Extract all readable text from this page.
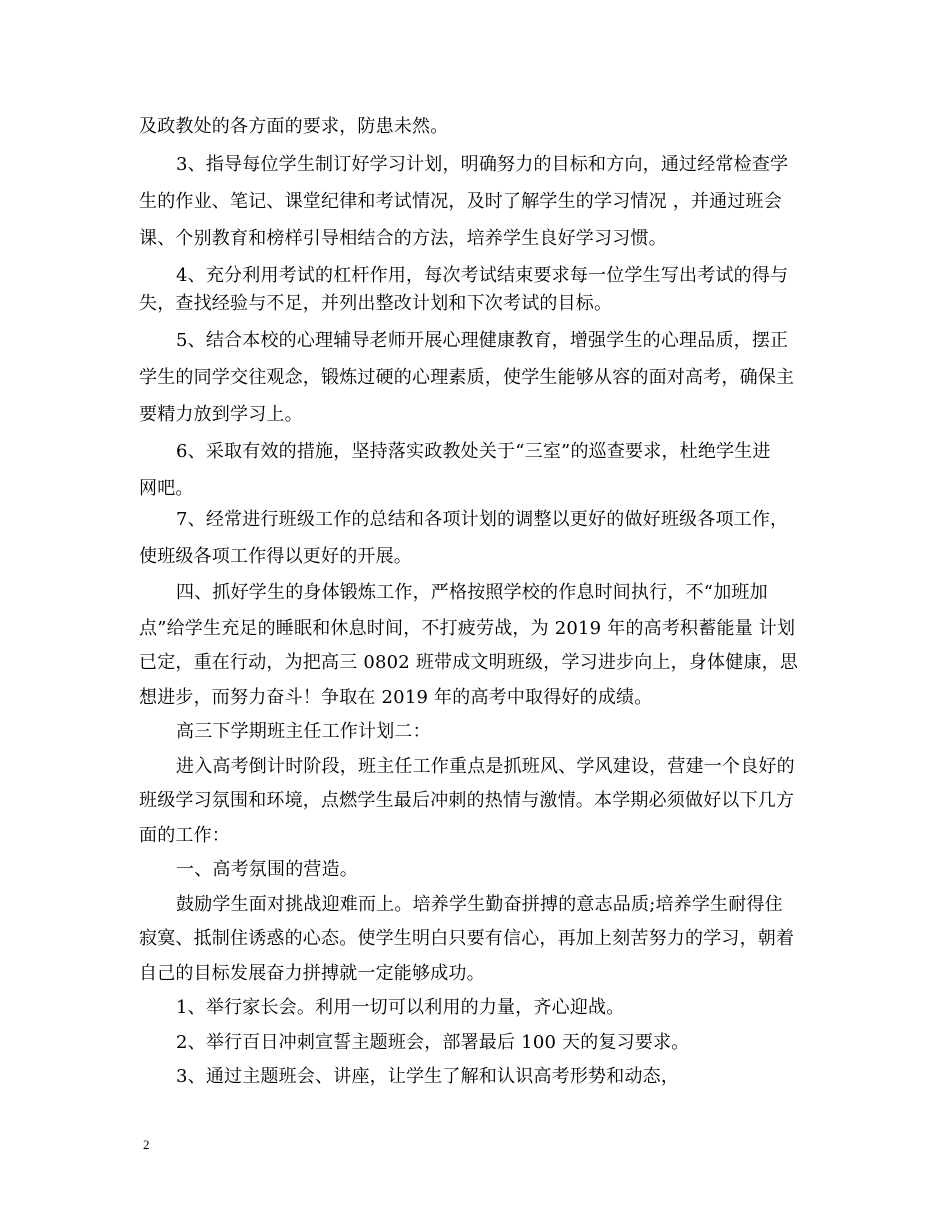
及政教处的各方面的要求，防患未然。
3、指导每位学生制订好学习计划，明确努力的目标和方向，通过经常检查学
生的作业、笔记、课堂纪律和考试情况，及时了解学生的学习情况 ，并通过班会
课、个别教育和榜样引导相结合的方法，培养学生良好学习习惯。
4、充分利用考试的杠杆作用，每次考试结束要求每一位学生写出考试的得与
失，查找经验与不足，并列出整改计划和下次考试的目标。
5、结合本校的心理辅导老师开展心理健康教育，增强学生的心理品质，摆正
学生的同学交往观念，锻炼过硬的心理素质，使学生能够从容的面对高考，确保主
要精力放到学习上。
6、采取有效的措施，坚持落实政教处关于“三室”的巡查要求，杜绝学生进
网吧。
7、经常进行班级工作的总结和各项计划的调整以更好的做好班级各项工作，
使班级各项工作得以更好的开展。
四、抓好学生的身体锻炼工作，严格按照学校的作息时间执行，不“加班加
点”给学生充足的睡眠和休息时间，不打疲劳战，为 2019 年的高考积蓄能量 计划
已定，重在行动，为把高三 0802 班带成文明班级，学习进步向上，身体健康，思
想进步，而努力奋斗！争取在 2019 年的高考中取得好的成绩。
高三下学期班主任工作计划二：
进入高考倒计时阶段，班主任工作重点是抓班风、学风建设，营建一个良好的
班级学习氛围和环境，点燃学生最后冲刺的热情与激情。本学期必须做好以下几方
面的工作：
一、高考氛围的营造。
鼓励学生面对挑战迎难而上。培养学生勤奋拼搏的意志品质;培养学生耐得住
寂寞、抵制住诱惑的心态。使学生明白只要有信心，再加上刻苦努力的学习，朝着
自己的目标发展奋力拼搏就一定能够成功。
1、举行家长会。利用一切可以利用的力量，齐心迎战。
2、举行百日冲刺宣誓主题班会，部署最后 100 天的复习要求。
3、通过主题班会、讲座，让学生了解和认识高考形势和动态，
2
